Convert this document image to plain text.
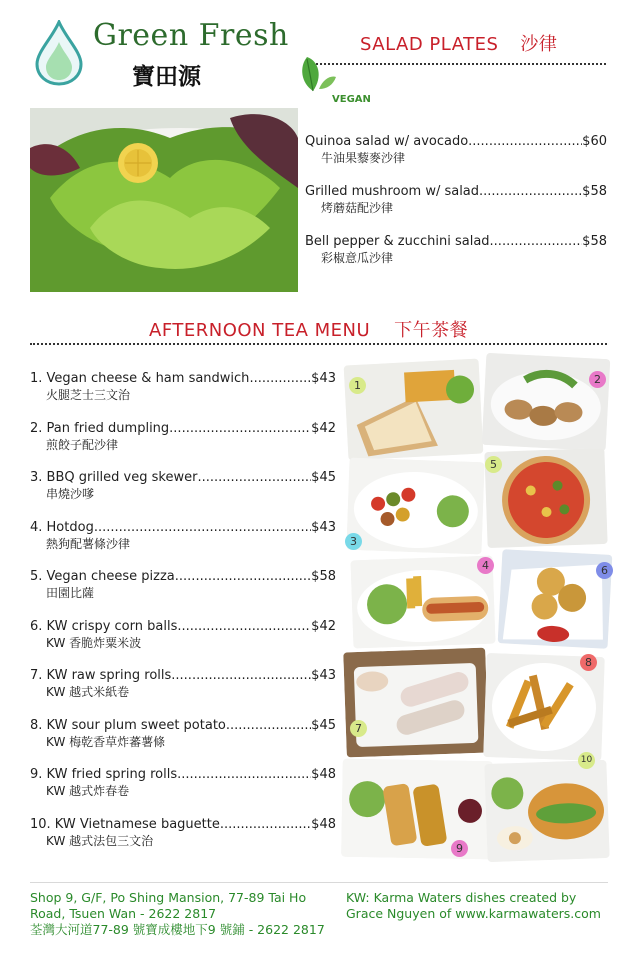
Green Fresh
寶田源
SALAD PLATES 沙律
VEGAN
Quinoa salad w/ avocado .....	$60
牛油果藜麥沙律
Grilled mushroom w/ salad .....	$58
烤蘑菇配沙律
Bell pepper & zucchini salad .....	$58
彩椒意瓜沙律
AFTERNOON TEA MENU 下午茶餐
1. Vegan cheese & ham sandwich .....	$43
火腿芝士三文治
2. Pan fried dumpling .....	$42
煎餃子配沙律
3. BBQ grilled veg skewer .....	$45
串燒沙嗲
4. Hotdog .....	$43
熱狗配薯條沙律
5. Vegan cheese pizza .....	$58
田園比薩
6. KW crispy corn balls .....	$42
KW 香脆炸粟米波
7. KW raw spring rolls .....	$43
KW 越式米紙卷
8. KW sour plum sweet potato .....	$45
KW 梅乾香草炸蕃薯條
9. KW fried spring rolls .....	$48
KW 越式炸春卷
10. KW Vietnamese baguette .....	$48
KW 越式法包三文治
1	2
3
4
5
6
7
8
9
10
Shop 9, G/F, Po Shing Mansion, 77-89 Tai Ho
Road, Tsuen Wan - 2622 2817
荃灣大河道77-89 號寶成樓地下9 號鋪 - 2622 2817
KW: Karma Waters dishes created by
Grace Nguyen of www.karmawaters.com
